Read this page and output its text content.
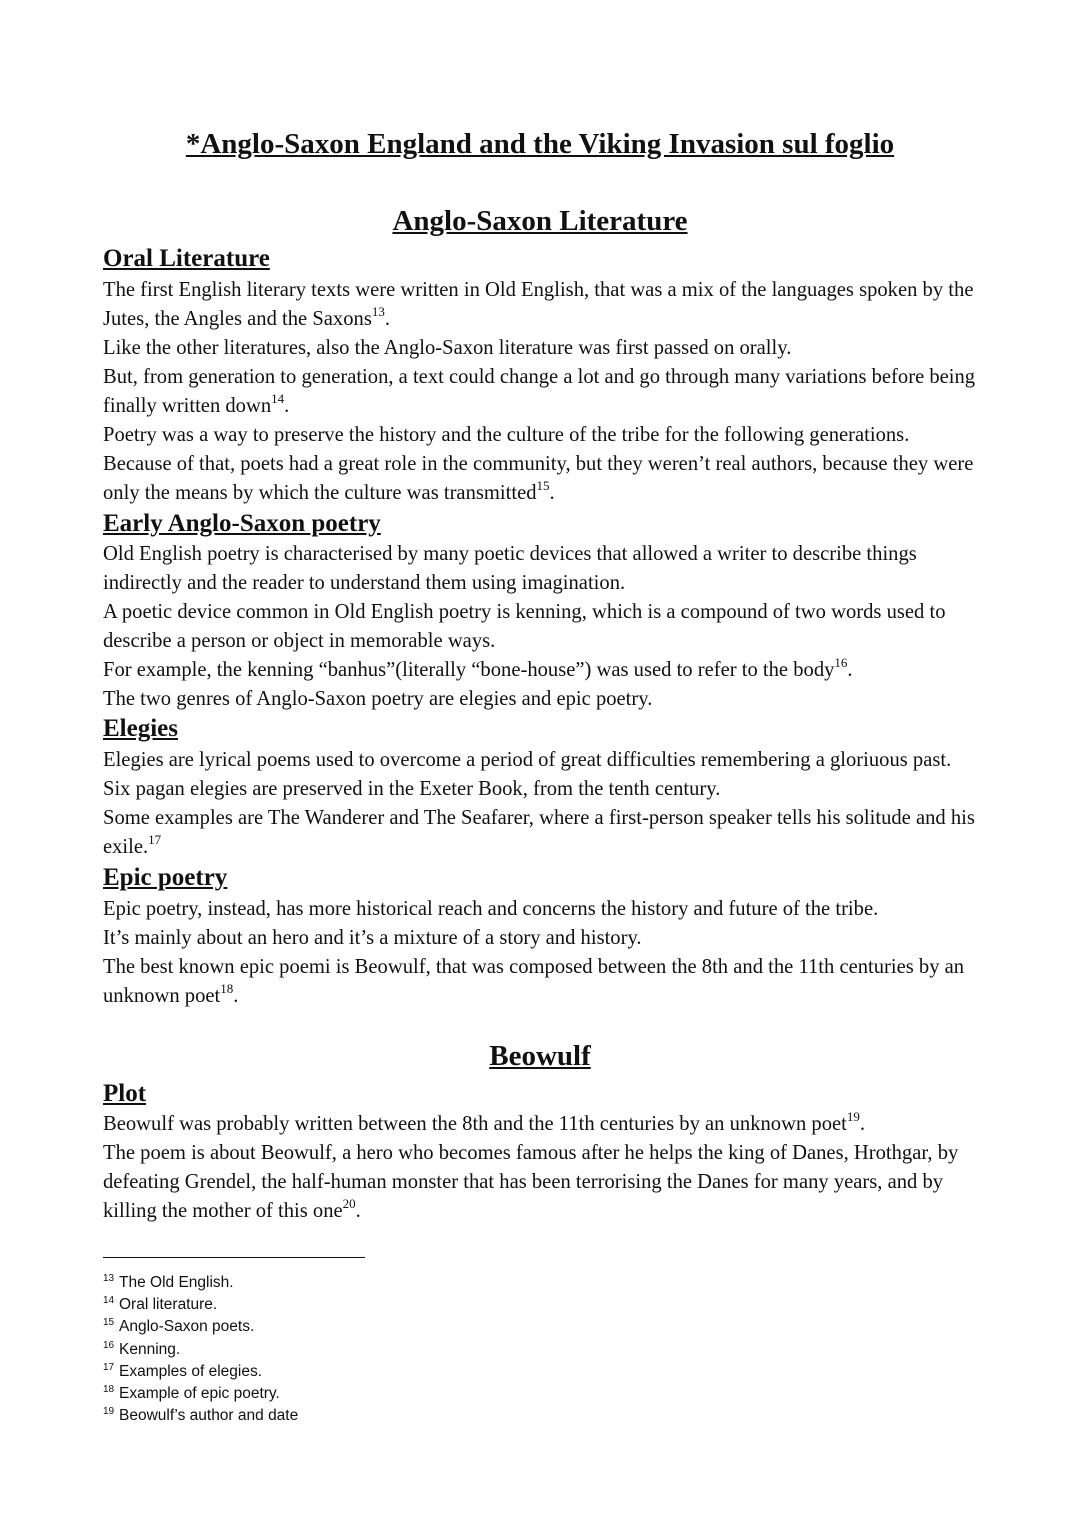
*Anglo-Saxon England and the Viking Invasion sul foglio
Anglo-Saxon Literature
Oral Literature

The first English literary texts were written in Old English, that was a mix of the languages spoken by the Jutes, the Angles and the Saxons$^{13}$.

Like the other literatures, also the Anglo-Saxon literature was first passed on orally.

But, from generation to generation, a text could change a lot and go through many variations before being finally written down$^{14}$.

Poetry was a way to preserve the history and the culture of the tribe for the following generations. Because of that, poets had a great role in the community, but they weren’t real authors, because they were only the means by which the culture was transmitted$^{15}$.

Early Anglo-Saxon poetry

Old English poetry is characterised by many poetic devices that allowed a writer to describe things indirectly and the reader to understand them using imagination.

A poetic device common in Old English poetry is kenning, which is a compound of two words used to describe a person or object in memorable ways.

For example, the kenning “banhus”(literally “bone-house”) was used to refer to the body$^{16}$.

The two genres of Anglo-Saxon poetry are elegies and epic poetry.

Elegies

Elegies are lyrical poems used to overcome a period of great difficulties remembering a gloriuous past. Six pagan elegies are preserved in the Exeter Book, from the tenth century.

Some examples are The Wanderer and The Seafarer, where a first-person speaker tells his solitude and his exile.$^{17}$

Epic poetry

Epic poetry, instead, has more historical reach and concerns the history and future of the tribe.

It’s mainly about an hero and it’s a mixture of a story and history.

The best known epic poemi is Beowulf, that was composed between the 8th and the 11th centuries by an unknown poet$^{18}$.

Beowulf
Plot

Beowulf was probably written between the 8th and the 11th centuries by an unknown poet$^{19}$.

The poem is about Beowulf, a hero who becomes famous after he helps the king of Danes, Hrothgar, by defeating Grendel, the half-human monster that has been terrorising the Danes for many years, and by killing the mother of this one$^{20}$.

13 The Old English.
14 Oral literature.
15 Anglo-Saxon poets.
16 Kenning.
17 Examples of elegies.
18 Example of epic poetry.
19 Beowulf’s author and date
